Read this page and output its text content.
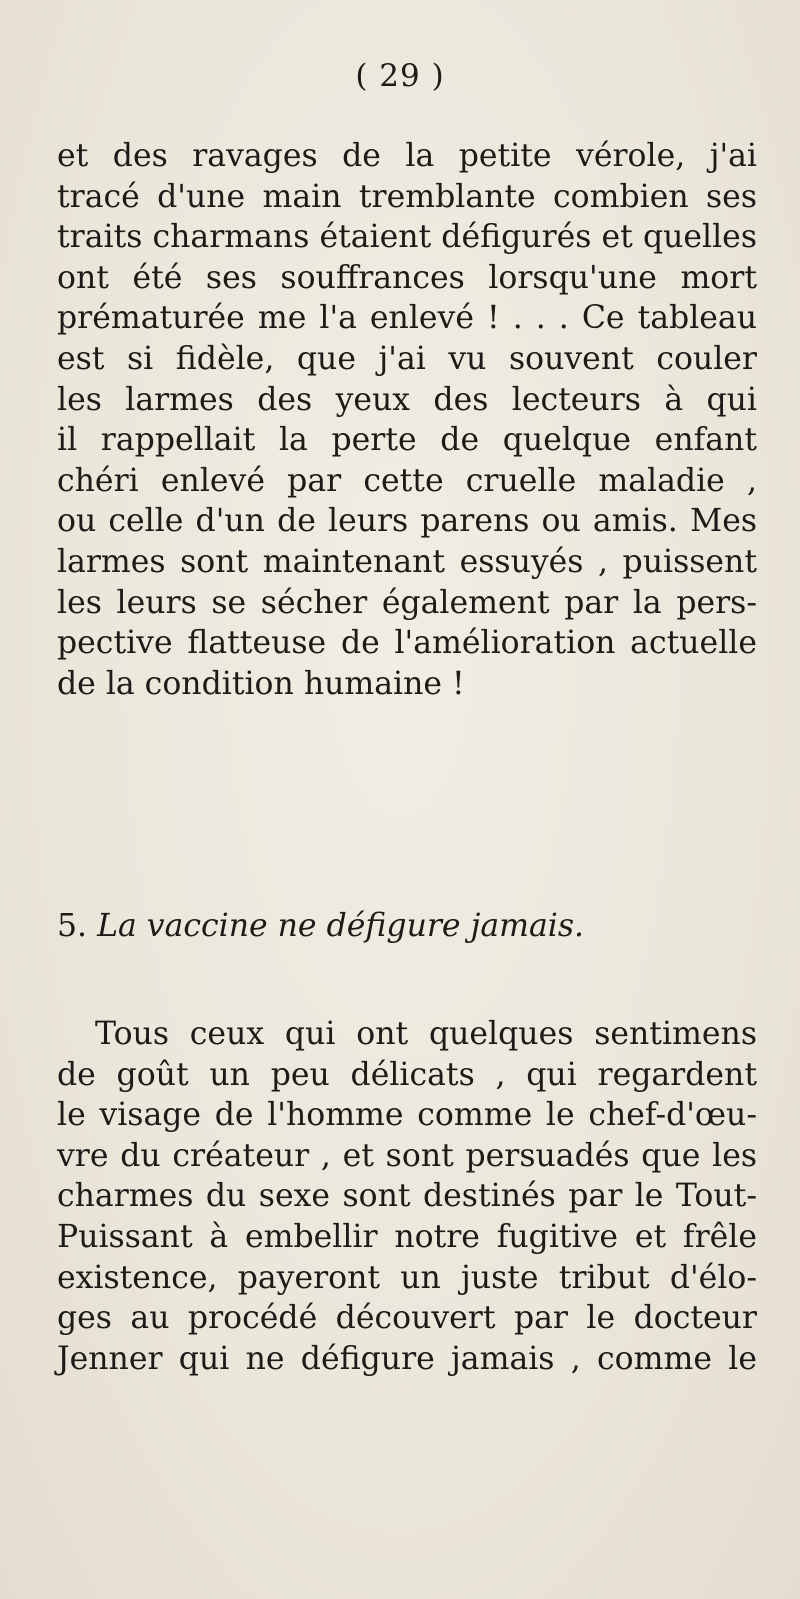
( 29 )
et des ravages de la petite vérole, j'ai
tracé d'une main tremblante combien ses
traits charmans étaient défigurés et quelles
ont été ses souffrances lorsqu'une mort
prématurée me l'a enlevé ! . . . Ce tableau
est si fidèle, que j'ai vu souvent couler
les larmes des yeux des lecteurs à qui
il rappellait la perte de quelque enfant
chéri enlevé par cette cruelle maladie ,
ou celle d'un de leurs parens ou amis. Mes
larmes sont maintenant essuyés , puissent
les leurs se sécher également par la pers-
pective flatteuse de l'amélioration actuelle
de la condition humaine !
5. La vaccine ne défigure jamais.
Tous ceux qui ont quelques sentimens
de goût un peu délicats , qui regardent
le visage de l'homme comme le chef-d'œu-
vre du créateur , et sont persuadés que les
charmes du sexe sont destinés par le Tout-
Puissant à embellir notre fugitive et frêle
existence, payeront un juste tribut d'élo-
ges au procédé découvert par le docteur
Jenner qui ne défigure jamais , comme le
